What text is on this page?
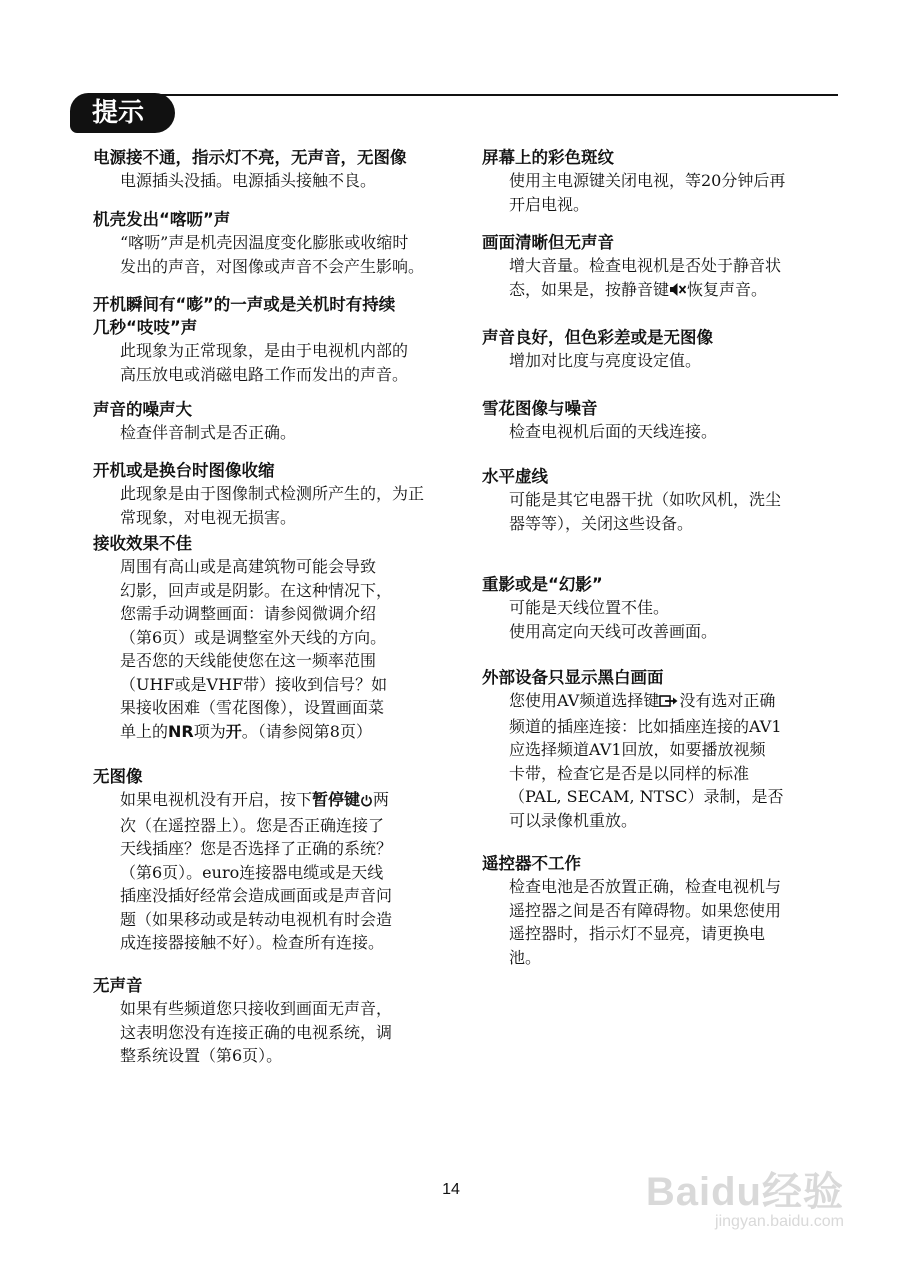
提示
电源接不通，指示灯不亮，无声音，无图像
电源插头没插。电源插头接触不良。
机壳发出“喀呖”声
“喀呖”声是机壳因温度变化膨胀或收缩时
发出的声音，对图像或声音不会产生影响。
开机瞬间有“嘭”的一声或是关机时有持续
几秒“吱吱”声
此现象为正常现象，是由于电视机内部的
高压放电或消磁电路工作而发出的声音。
声音的噪声大
检查伴音制式是否正确。
开机或是换台时图像收缩
此现象是由于图像制式检测所产生的，为正
常现象，对电视无损害。
接收效果不佳
周围有高山或是高建筑物可能会导致
幻影，回声或是阴影。在这种情况下，
您需手动调整画面：请参阅微调介绍
（第6页）或是调整室外天线的方向。
是否您的天线能使您在这一频率范围
（UHF或是VHF带）接收到信号？如
果接收困难（雪花图像），设置画面菜
单上的NR项为开。（请参阅第8页）
无图像
如果电视机没有开启，按下暂停键 两
次（在遥控器上）。您是否正确连接了
天线插座？您是否选择了正确的系统？
（第6页）。euro连接器电缆或是天线
插座没插好经常会造成画面或是声音问
题（如果移动或是转动电视机有时会造
成连接器接触不好）。检查所有连接。
无声音
如果有些频道您只接收到画面无声音，
这表明您没有连接正确的电视系统，调
整系统设置（第6页）。
屏幕上的彩色斑纹
使用主电源键关闭电视，等20分钟后再
开启电视。
画面清晰但无声音
增大音量。检查电视机是否处于静音状
态，如果是，按静音键 恢复声音。
声音良好，但色彩差或是无图像
增加对比度与亮度设定值。
雪花图像与噪音
检查电视机后面的天线连接。
水平虚线
可能是其它电器干扰（如吹风机，洗尘
器等等），关闭这些设备。
重影或是“幻影”
可能是天线位置不佳。
使用高定向天线可改善画面。
外部设备只显示黑白画面
您使用AV频道选择键 没有选对正确
频道的插座连接：比如插座连接的AV1
应选择频道AV1回放，如要播放视频
卡带，检查它是否是以同样的标准
（PAL, SECAM, NTSC）录制，是否
可以录像机重放。
遥控器不工作
检查电池是否放置正确，检查电视机与
遥控器之间是否有障碍物。如果您使用
遥控器时，指示灯不显亮，请更换电
池。
14	Baidu经验
jingyan.baidu.com
